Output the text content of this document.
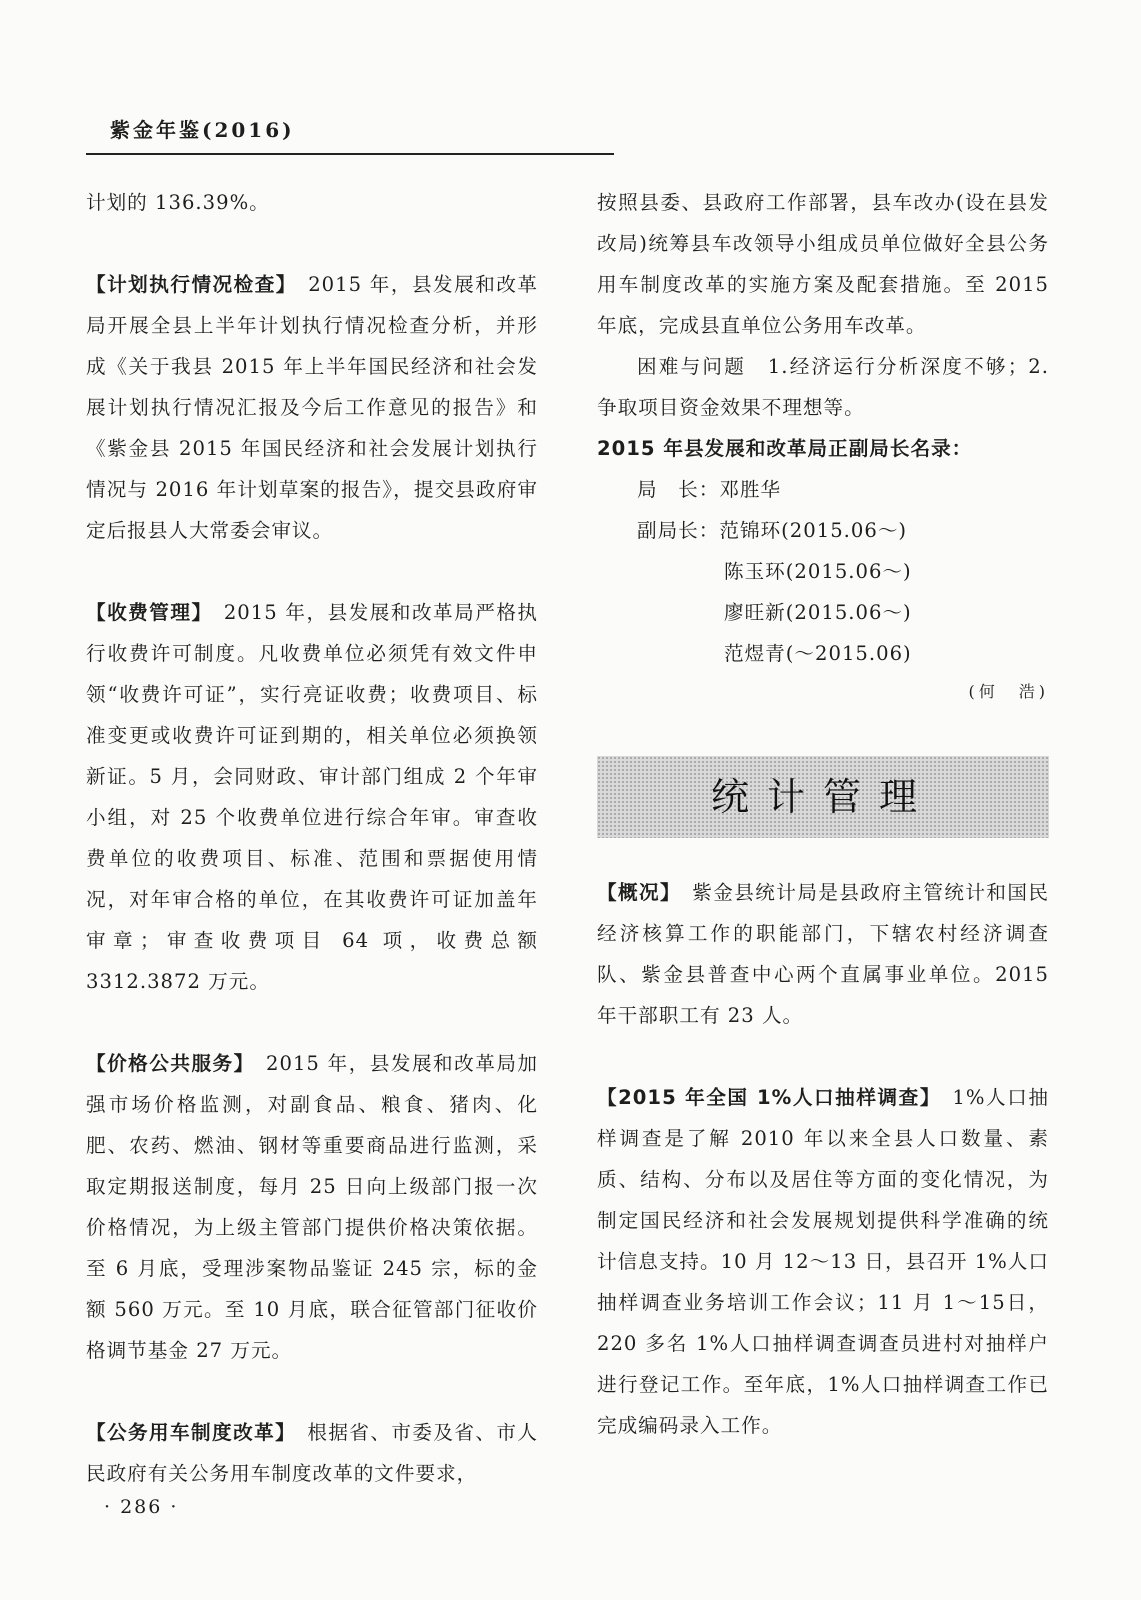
紫金年鉴(2016)

计划的 136.39%。

【计划执行情况检查】　 2015 年，县发展和改革局开展全县上半年计划执行情况检查分析，并形成《关于我县 2015 年上半年国民经济和社会发展计划执行情况汇报及今后工作意见的报告》和《紫金县 2015 年国民经济和社会发展计划执行情况与 2016 年计划草案的报告》，提交县政府审定后报县人大常委会审议。

【收费管理】　 2015 年，县发展和改革局严格执行收费许可制度。凡收费单位必须凭有效文件申领“收费许可证”，实行亮证收费；收费项目、标准变更或收费许可证到期的，相关单位必须换领新证。5 月，会同财政、审计部门组成 2 个年审小组，对 25 个收费单位进行综合年审。审查收费单位的收费项目、标准、范围和票据使用情况，对年审合格的单位，在其收费许可证加盖年审章；审查收费项目 64 项，收费总额 3312.3872 万元。

【价格公共服务】　 2015 年，县发展和改革局加强市场价格监测，对副食品、粮食、猪肉、化肥、农药、燃油、钢材等重要商品进行监测，采取定期报送制度，每月 25 日向上级部门报一次价格情况，为上级主管部门提供价格决策依据。至 6 月底，受理涉案物品鉴证 245 宗，标的金额 560 万元。至 10 月底，联合征管部门征收价格调节基金 27 万元。

【公务用车制度改革】　 根据省、市委及省、市人民政府有关公务用车制度改革的文件要求，

按照县委、县政府工作部署，县车改办(设在县发改局)统筹县车改领导小组成员单位做好全县公务用车制度改革的实施方案及配套措施。至 2015 年底，完成县直单位公务用车改革。

困难与问题　1.经济运行分析深度不够；2.争取项目资金效果不理想等。

2015 年县发展和改革局正副局长名录：

局　长：邓胜华

副局长：范锦环(2015.06～)

陈玉环(2015.06～)

廖旺新(2015.06～)

范煜青(～2015.06)

(何　浩)

统计管理

【概况】　 紫金县统计局是县政府主管统计和国民经济核算工作的职能部门，下辖农村经济调查队、紫金县普查中心两个直属事业单位。2015 年干部职工有 23 人。

【2015 年全国 1%人口抽样调查】　 1%人口抽样调查是了解 2010 年以来全县人口数量、素质、结构、分布以及居住等方面的变化情况，为制定国民经济和社会发展规划提供科学准确的统计信息支持。10 月 12～13 日，县召开 1%人口抽样调查业务培训工作会议；11 月 1～15日，220 多名 1%人口抽样调查调查员进村对抽样户进行登记工作。至年底，1%人口抽样调查工作已完成编码录入工作。

· 286 ·
